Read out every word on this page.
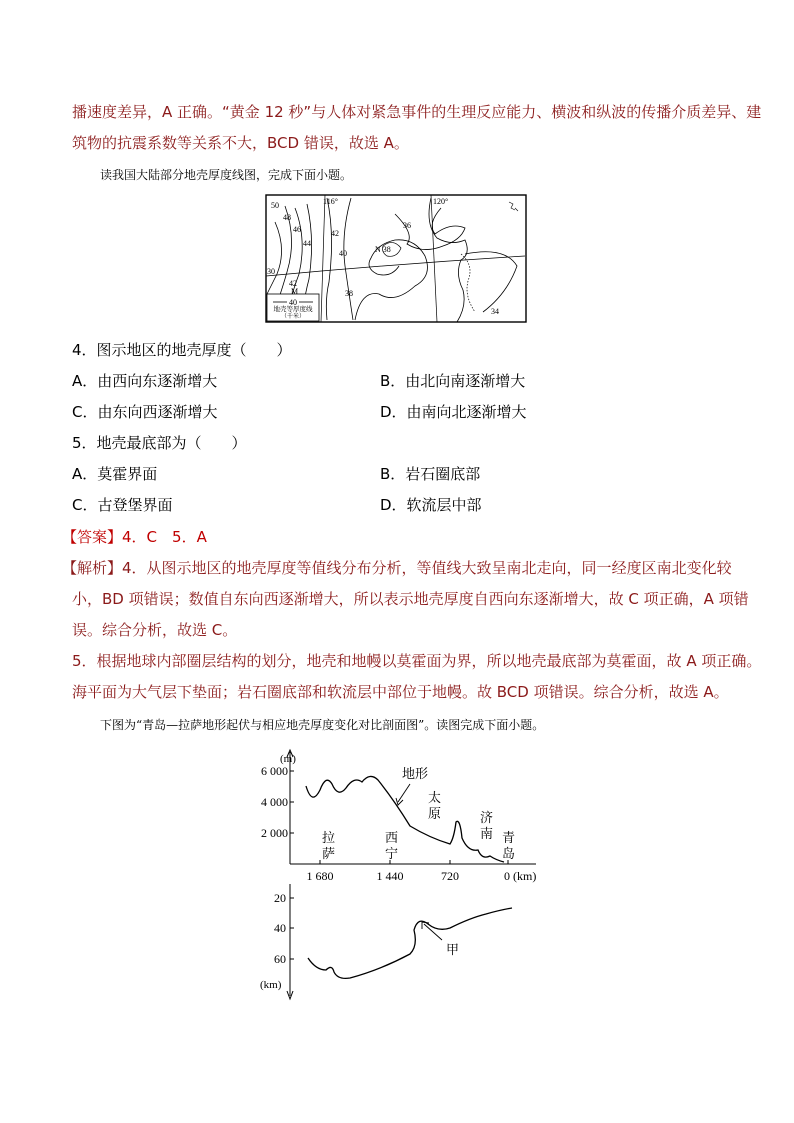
播速度差异，A 正确。“黄金 12 秒”与人体对紧急事件的生理反应能力、横波和纵波的传播介质差异、建
筑物的抗震系数等关系不大，BCD 错误，故选 A。
读我国大陆部分地壳厚度线图，完成下面小题。
40
地壳等厚度线
（千米）
50
48
46
44
42
40
38
36
34
30
42
N 38
M
116°	120°
4．图示地区的地壳厚度（　　）
A．由西向东逐渐增大	B．由北向南逐渐增大
C．由东向西逐渐增大	D．由南向北逐渐增大
5．地壳最底部为（　　）
A．莫霍界面	B．岩石圈底部
C．古登堡界面	D．软流层中部
【答案】4．C　5．A
【解析】4．从图示地区的地壳厚度等值线分布分析，等值线大致呈南北走向，同一经度区南北变化较
小，BD 项错误；数值自东向西逐渐增大，所以表示地壳厚度自西向东逐渐增大，故 C 项正确，A 项错
误。综合分析，故选 C。
5．根据地球内部圈层结构的划分，地壳和地幔以莫霍面为界，所以地壳最底部为莫霍面，故 A 项正确。
海平面为大气层下垫面；岩石圈底部和软流层中部位于地幔。故 BCD 项错误。综合分析，故选 A。
下图为“青岛—拉萨地形起伏与相应地壳厚度变化对比剖面图”。读图完成下面小题。
(m)
6 000
4 000
2 000
1 680	1 440	720	0 (km)
地形
拉
萨
西
宁
太
原	济
南 青
岛
20
40
60
(km)
甲
